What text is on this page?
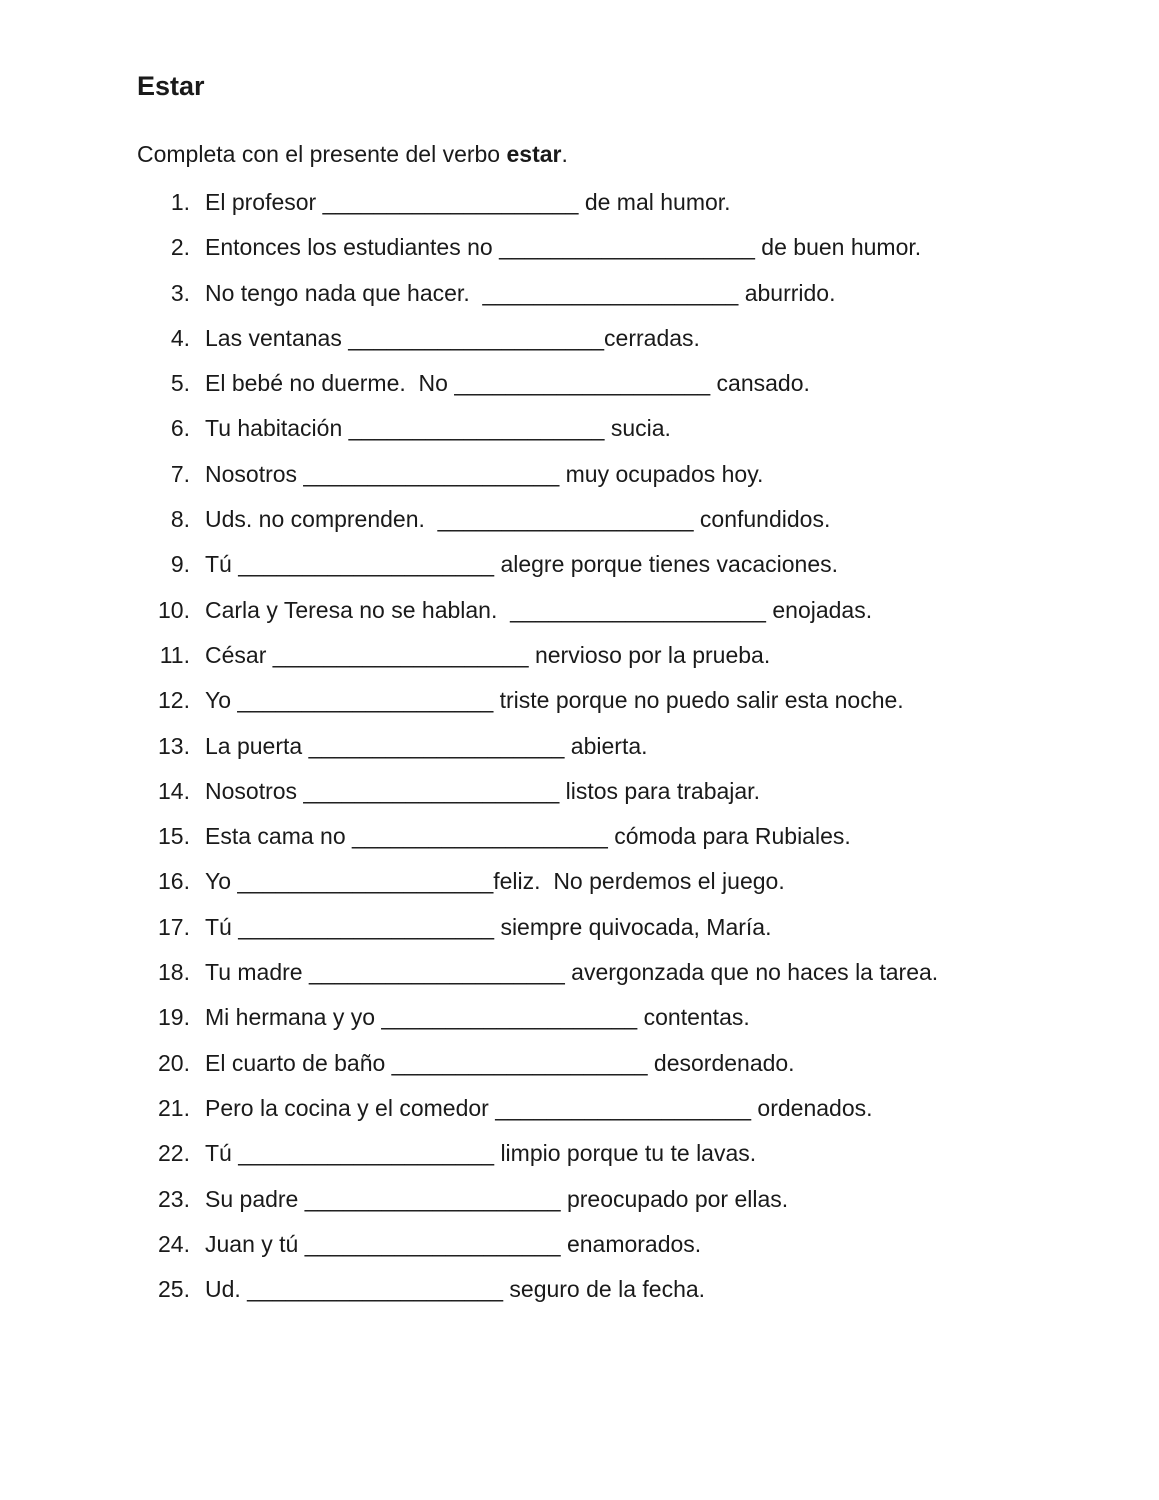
Estar

Completa con el presente del verbo estar.

1. El profesor ____________________ de mal humor.
2. Entonces los estudiantes no ____________________ de buen humor.
3. No tengo nada que hacer.  ____________________ aburrido.
4. Las ventanas ____________________cerradas.
5. El bebé no duerme.  No ____________________ cansado.
6. Tu habitación ____________________ sucia.
7. Nosotros ____________________ muy ocupados hoy.
8. Uds. no comprenden.  ____________________ confundidos.
9. Tú ____________________ alegre porque tienes vacaciones.
10. Carla y Teresa no se hablan.  ____________________ enojadas.
11. César ____________________ nervioso por la prueba.
12. Yo ____________________ triste porque no puedo salir esta noche.
13. La puerta ____________________ abierta.
14. Nosotros ____________________ listos para trabajar.
15. Esta cama no ____________________ cómoda para Rubiales.
16. Yo ____________________feliz.  No perdemos el juego.
17. Tú ____________________ siempre quivocada, María.
18. Tu madre ____________________ avergonzada que no haces la tarea.
19. Mi hermana y yo ____________________ contentas.
20. El cuarto de baño ____________________ desordenado.
21. Pero la cocina y el comedor ____________________ ordenados.
22. Tú ____________________ limpio porque tu te lavas.
23. Su padre ____________________ preocupado por ellas.
24. Juan y tú ____________________ enamorados.
25. Ud. ____________________ seguro de la fecha.
